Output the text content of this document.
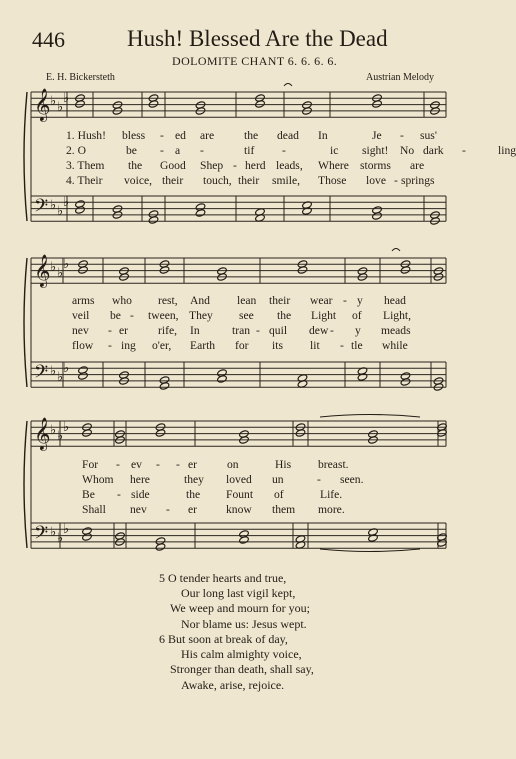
446	Hush! Blessed Are the Dead
DOLOMITE CHANT 6. 6. 6. 6.
E. H. Bickersteth	Austrian Melody
𝄞
𝄢
♭ ♭
♭
♭ ♭
♭
𝄞
𝄢
♭ ♭
♭
♭ ♭
♭
𝄞
𝄢
♭ ♭
♭
♭ ♭
♭
1. Hush! bless - ed are	the dead In	Je - sus'
2. O	be - a -	tif -	ic sight! No dark -	ling
3. Them the Good Shep - herd leads, Where storms are
4. Their voice, their touch, their smile, Those love - springs
arms who rest, And lean their wear - y head
veil be - tween, They see the Light of Light,
nev - er	rife, In	tran - quil dew - y meads
flow - ing o'er, Earth for its lit - tle while
For - ev - - er	on	His breast.
Whom here	they loved un	- seen.
Be - side	the Fount of	Life.
Shall nev - er know them more.
5 O tender hearts and true,
Our long last vigil kept,
We weep and mourn for you;
Nor blame us: Jesus wept.
6 But soon at break of day,
His calm almighty voice,
Stronger than death, shall say,
Awake, arise, rejoice.
